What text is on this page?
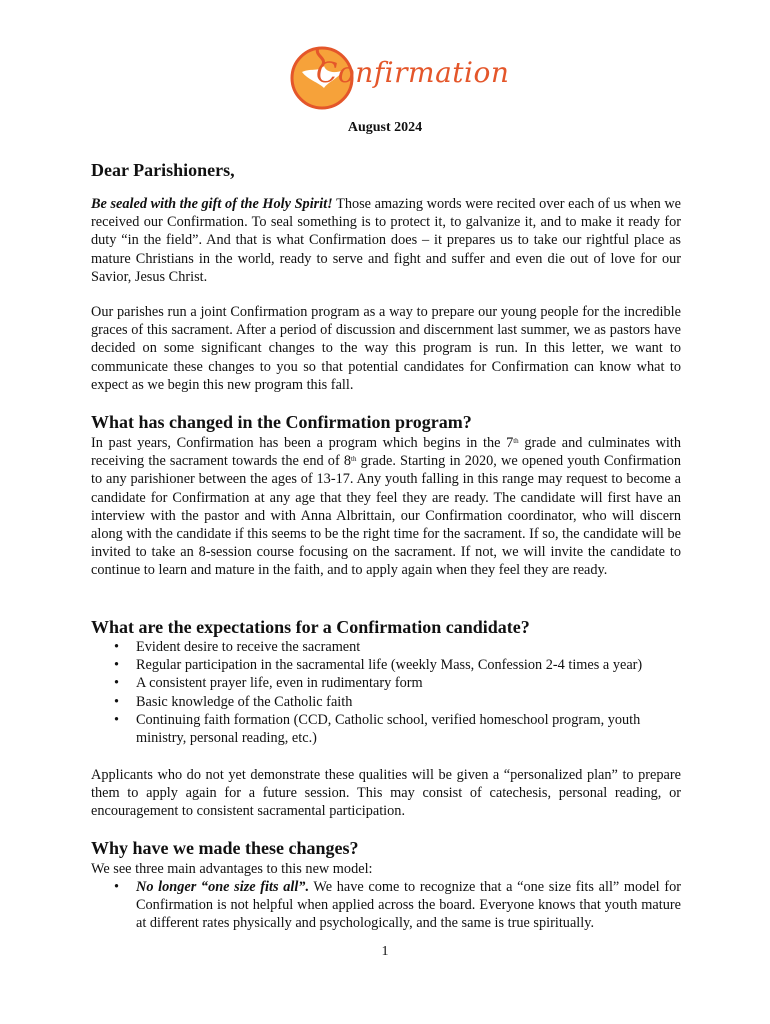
Confirmation
August 2024
Dear Parishioners,
Be sealed with the gift of the Holy Spirit! Those amazing words were recited over each of us when we received our Confirmation. To seal something is to protect it, to galvanize it, and to make it ready for duty “in the field”. And that is what Confirmation does – it prepares us to take our rightful place as mature Christians in the world, ready to serve and fight and suffer and even die out of love for our Savior, Jesus Christ.
Our parishes run a joint Confirmation program as a way to prepare our young people for the incredible graces of this sacrament. After a period of discussion and discernment last summer, we as pastors have decided on some significant changes to the way this program is run. In this letter, we want to communicate these changes to you so that potential candidates for Confirmation can know what to expect as we begin this new program this fall.
What has changed in the Confirmation program?
In past years, Confirmation has been a program which begins in the 7th grade and culminates with receiving the sacrament towards the end of 8th grade. Starting in 2020, we opened youth Confirmation to any parishioner between the ages of 13-17. Any youth falling in this range may request to become a candidate for Confirmation at any age that they feel they are ready. The candidate will first have an interview with the pastor and with Anna Albrittain, our Confirmation coordinator, who will discern along with the candidate if this seems to be the right time for the sacrament. If so, the candidate will be invited to take an 8-session course focusing on the sacrament. If not, we will invite the candidate to continue to learn and mature in the faith, and to apply again when they feel they are ready.
What are the expectations for a Confirmation candidate?
• Evident desire to receive the sacrament
• Regular participation in the sacramental life (weekly Mass, Confession 2-4 times a year)
• A consistent prayer life, even in rudimentary form
• Basic knowledge of the Catholic faith
• Continuing faith formation (CCD, Catholic school, verified homeschool program, youth ministry, personal reading, etc.)
Applicants who do not yet demonstrate these qualities will be given a “personalized plan” to prepare them to apply again for a future session. This may consist of catechesis, personal reading, or encouragement to consistent sacramental participation.
Why have we made these changes?
We see three main advantages to this new model:
• No longer “one size fits all”. We have come to recognize that a “one size fits all” model for Confirmation is not helpful when applied across the board. Everyone knows that youth mature at different rates physically and psychologically, and the same is true spiritually.
1
